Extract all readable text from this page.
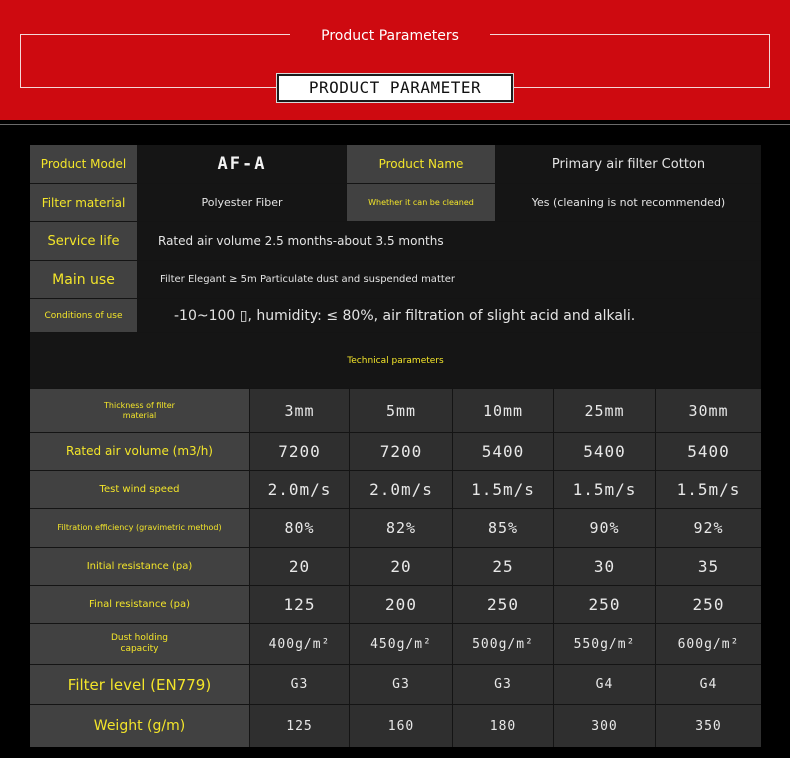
Product Parameters
PRODUCT PARAMETER
Product Model	AF-A	Product Name	Primary air filter Cotton
Filter material	Polyester Fiber	Whether it can be cleaned	Yes (cleaning is not recommended)
Service life	Rated air volume 2.5 months-about 3.5 months
Main use	Filter Elegant ≥ 5m Particulate dust and suspended matter
Conditions of use	-10~100 ▯, humidity: ≤ 80%, air filtration of slight acid and alkali.
Technical parameters
Thickness of filter
material	3mm	5mm	10mm	25mm	30mm
Rated air volume (m3/h)	7200	7200	5400	5400	5400
Test wind speed	2.0m/s	2.0m/s	1.5m/s	1.5m/s	1.5m/s
Filtration efficiency (gravimetric method)	80%	82%	85%	90%	92%
Initial resistance (pa)	20	20	25	30	35
Final resistance (pa)	125	200	250	250	250
Dust holding
capacity	400g/m²	450g/m²	500g/m²	550g/m²	600g/m²
Filter level (EN779)	G3	G3	G3	G4	G4
Weight (g/m)	125	160	180	300	350
